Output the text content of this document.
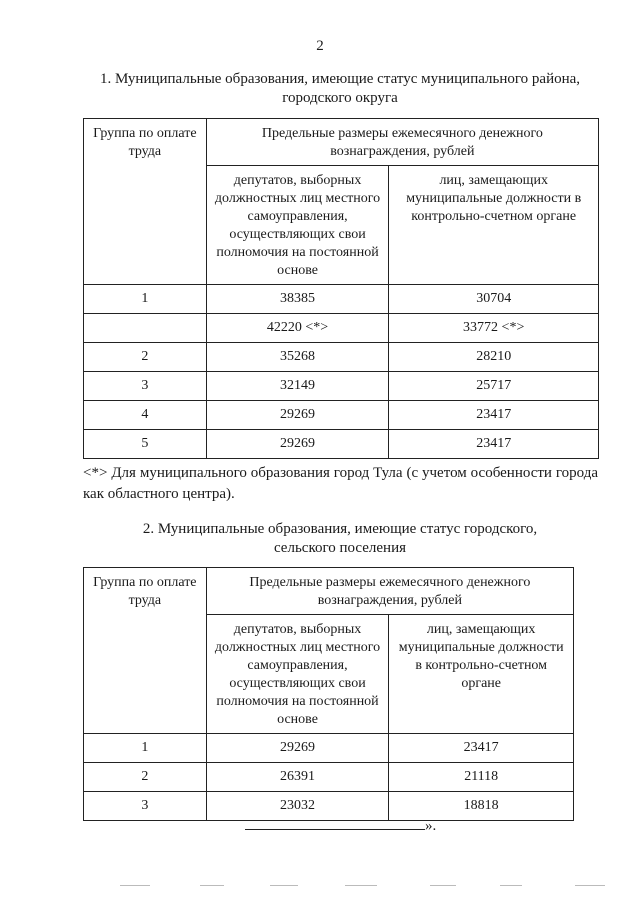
2
1. Муниципальные образования, имеющие статус муниципального района,
городского округа
Группа по оплате труда	Предельные размеры ежемесячного денежного вознаграждения, рублей	
	депутатов, выборных должностных лиц местного самоуправления, осуществляющих свои полномочия на постоянной основе	лиц, замещающих муниципальные должности в контрольно-счетном органе
1	38385	30704
	42220 <*>	33772 <*>
2	35268	28210
3	32149	25717
4	29269	23417
5	29269	23417
<*> Для муниципального образования город Тула (с учетом особенности города как областного центра).
2. Муниципальные образования, имеющие статус городского,
сельского поселения
Группа по оплате труда	Предельные размеры ежемесячного денежного вознаграждения, рублей	
	депутатов, выборных должностных лиц местного самоуправления, осуществляющих свои полномочия на постоянной основе	лиц, замещающих муниципальные должности в контрольно-счетном органе
1	29269	23417
2	26391	21118
3	23032	18818
».
